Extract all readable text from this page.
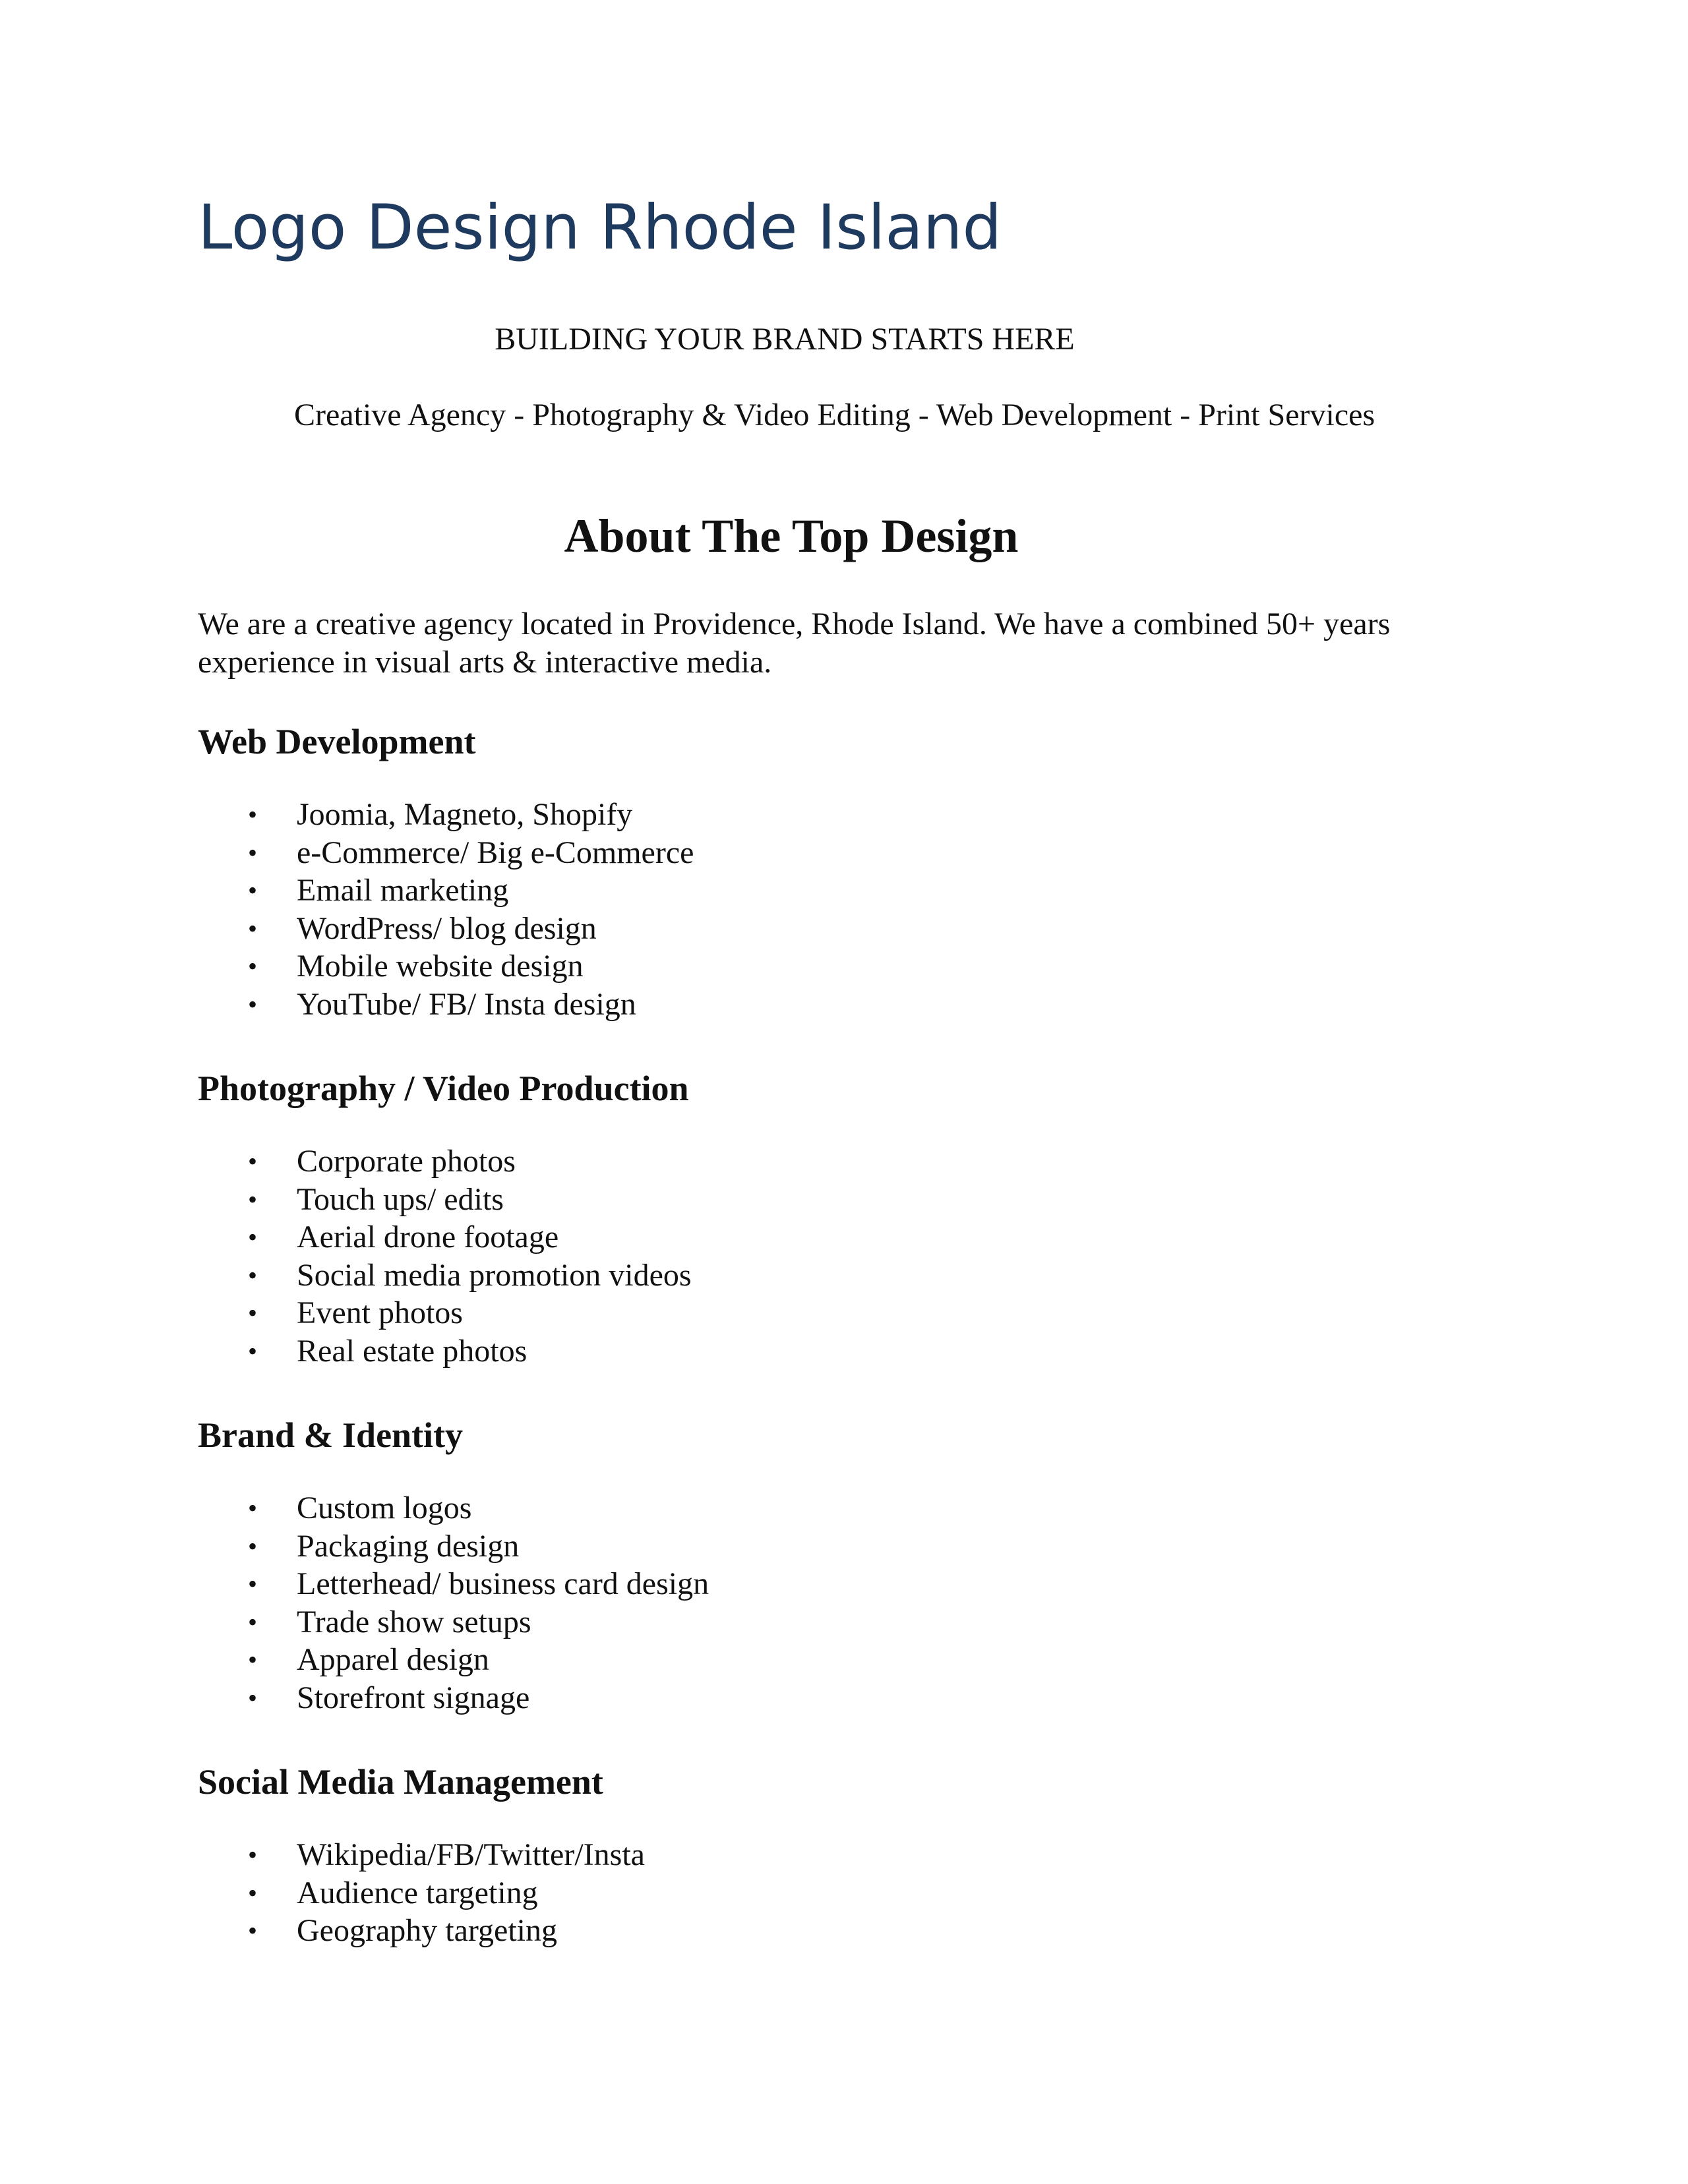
Logo Design Rhode Island
BUILDING YOUR BRAND STARTS HERE
Creative Agency - Photography & Video Editing - Web Development - Print Services
About The Top Design

We are a creative agency located in Providence, Rhode Island. We have a combined 50+ years experience in visual arts & interactive media.

Web Development
• Joomia, Magneto, Shopify
• e-Commerce/ Big e-Commerce
• Email marketing
• WordPress/ blog design
• Mobile website design
• YouTube/ FB/ Insta design
Photography / Video Production
• Corporate photos
• Touch ups/ edits
• Aerial drone footage
• Social media promotion videos
• Event photos
• Real estate photos
Brand & Identity
• Custom logos
• Packaging design
• Letterhead/ business card design
• Trade show setups
• Apparel design
• Storefront signage
Social Media Management
• Wikipedia/FB/Twitter/Insta
• Audience targeting
• Geography targeting
